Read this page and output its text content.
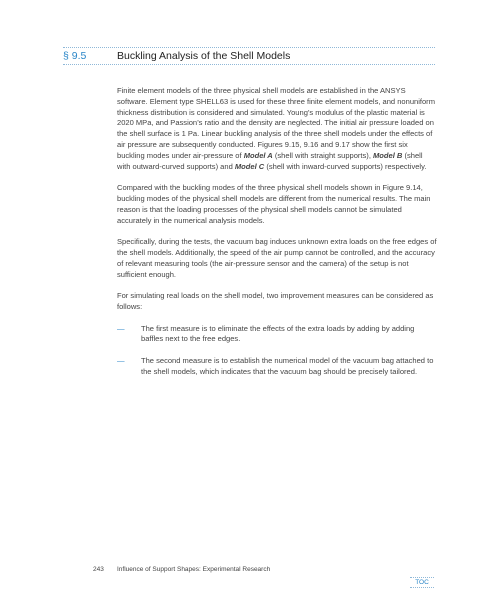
§ 9.5	Buckling Analysis of the Shell Models

Finite element models of the three physical shell models are established in the ANSYS software. Element type SHELL63 is used for these three finite element models, and nonuniform thickness distribution is considered and simulated. Young’s modulus of the plastic material is 2020 MPa, and Passion’s ratio and the density are neglected. The initial air pressure loaded on the shell surface is 1 Pa. Linear buckling analysis of the three shell models under the effects of air pressure are subsequently conducted. Figures 9.15, 9.16 and 9.17 show the first six buckling modes under air-pressure of Model A (shell with straight supports), Model B (shell with outward-curved supports) and Model C (shell with inward-curved supports) respectively.

Compared with the buckling modes of the three physical shell models shown in Figure 9.14, buckling modes of the physical shell models are different from the numerical results. The main reason is that the loading processes of the physical shell models cannot be simulated accurately in the numerical analysis models.

Specifically, during the tests, the vacuum bag induces unknown extra loads on the free edges of the shell models. Additionally, the speed of the air pump cannot be controlled, and the accuracy of relevant measuring tools (the air-pressure sensor and the camera) of the setup is not sufficient enough.

For simulating real loads on the shell model, two improvement measures can be considered as follows:

— The first measure is to eliminate the effects of the extra loads by adding by adding baffles next to the free edges.
— The second measure is to establish the numerical model of the vacuum bag attached to the shell models, which indicates that the vacuum bag should be precisely tailored.
243 Influence of Support Shapes: Experimental Research
TOC
